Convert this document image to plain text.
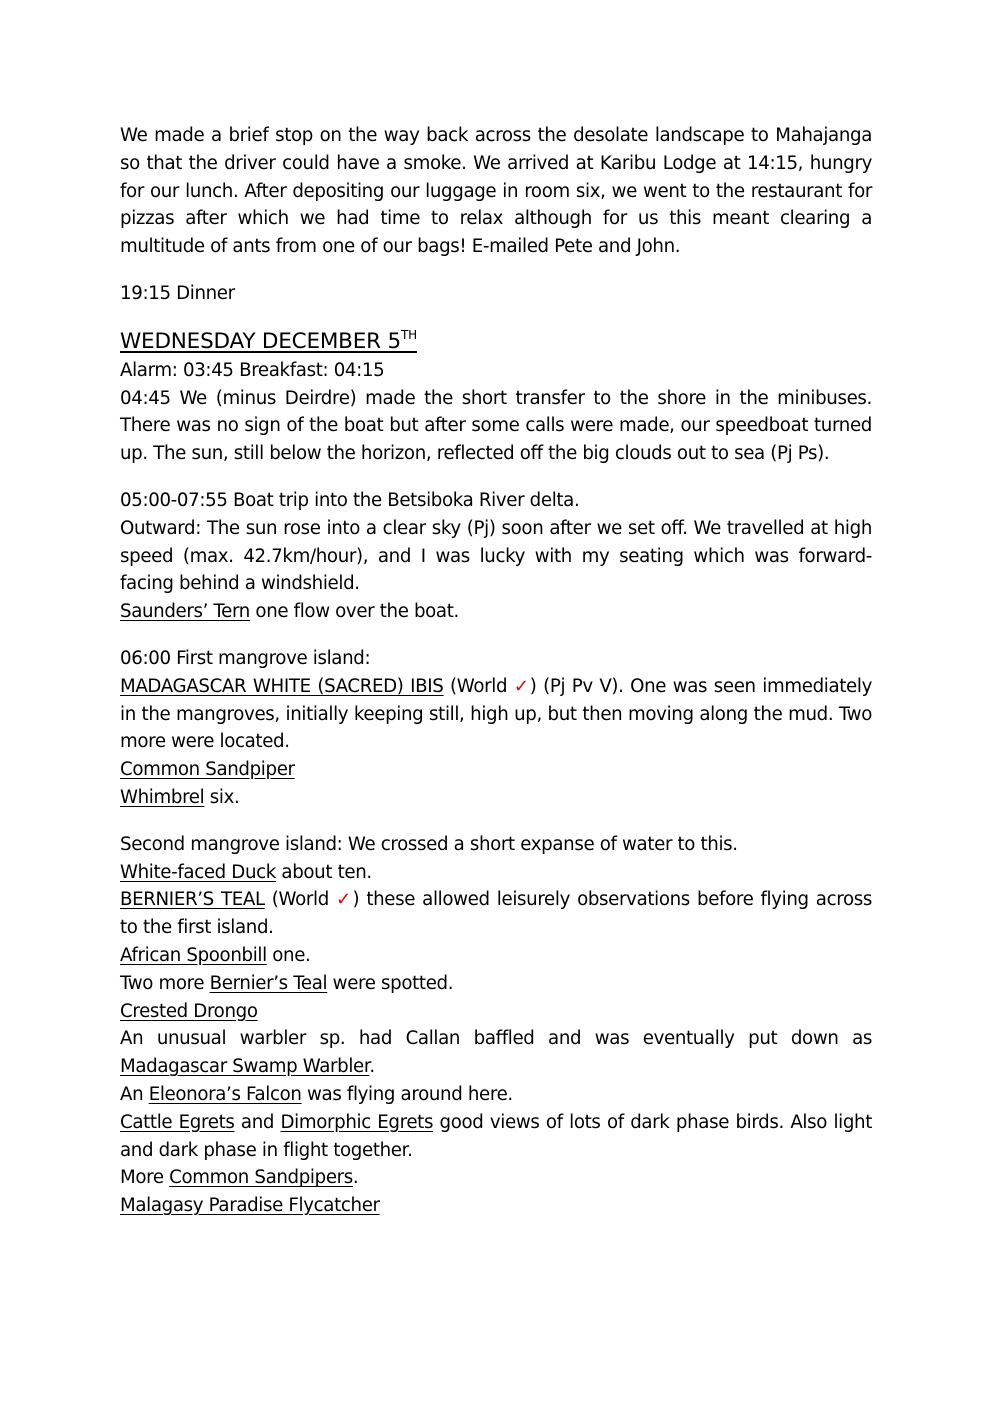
We made a brief stop on the way back across the desolate landscape to Mahajanga so that the driver could have a smoke. We arrived at Karibu Lodge at 14:15, hungry for our lunch. After depositing our luggage in room six, we went to the restaurant for pizzas after which we had time to relax although for us this meant clearing a multitude of ants from one of our bags! E-mailed Pete and John.

19:15 Dinner

WEDNESDAY DECEMBER 5TH
Alarm: 03:45 Breakfast: 04:15
04:45 We (minus Deirdre) made the short transfer to the shore in the minibuses. There was no sign of the boat but after some calls were made, our speedboat turned up. The sun, still below the horizon, reflected off the big clouds out to sea (Pj Ps).
05:00-07:55 Boat trip into the Betsiboka River delta.
Outward: The sun rose into a clear sky (Pj) soon after we set off. We travelled at high speed (max. 42.7km/hour), and I was lucky with my seating which was forward-facing behind a windshield.
Saunders’ Tern one flow over the boat.
06:00 First mangrove island:
MADAGASCAR WHITE (SACRED) IBIS (World ✓) (Pj Pv V). One was seen immediately in the mangroves, initially keeping still, high up, but then moving along the mud. Two more were located.
Common Sandpiper
Whimbrel six.
Second mangrove island: We crossed a short expanse of water to this.
White-faced Duck about ten.
BERNIER’S TEAL (World ✓) these allowed leisurely observations before flying across to the first island.
African Spoonbill one.
Two more Bernier’s Teal were spotted.
Crested Drongo
An unusual warbler sp. had Callan baffled and was eventually put down as Madagascar Swamp Warbler.
An Eleonora’s Falcon was flying around here.
Cattle Egrets and Dimorphic Egrets good views of lots of dark phase birds. Also light and dark phase in flight together.
More Common Sandpipers.
Malagasy Paradise Flycatcher
